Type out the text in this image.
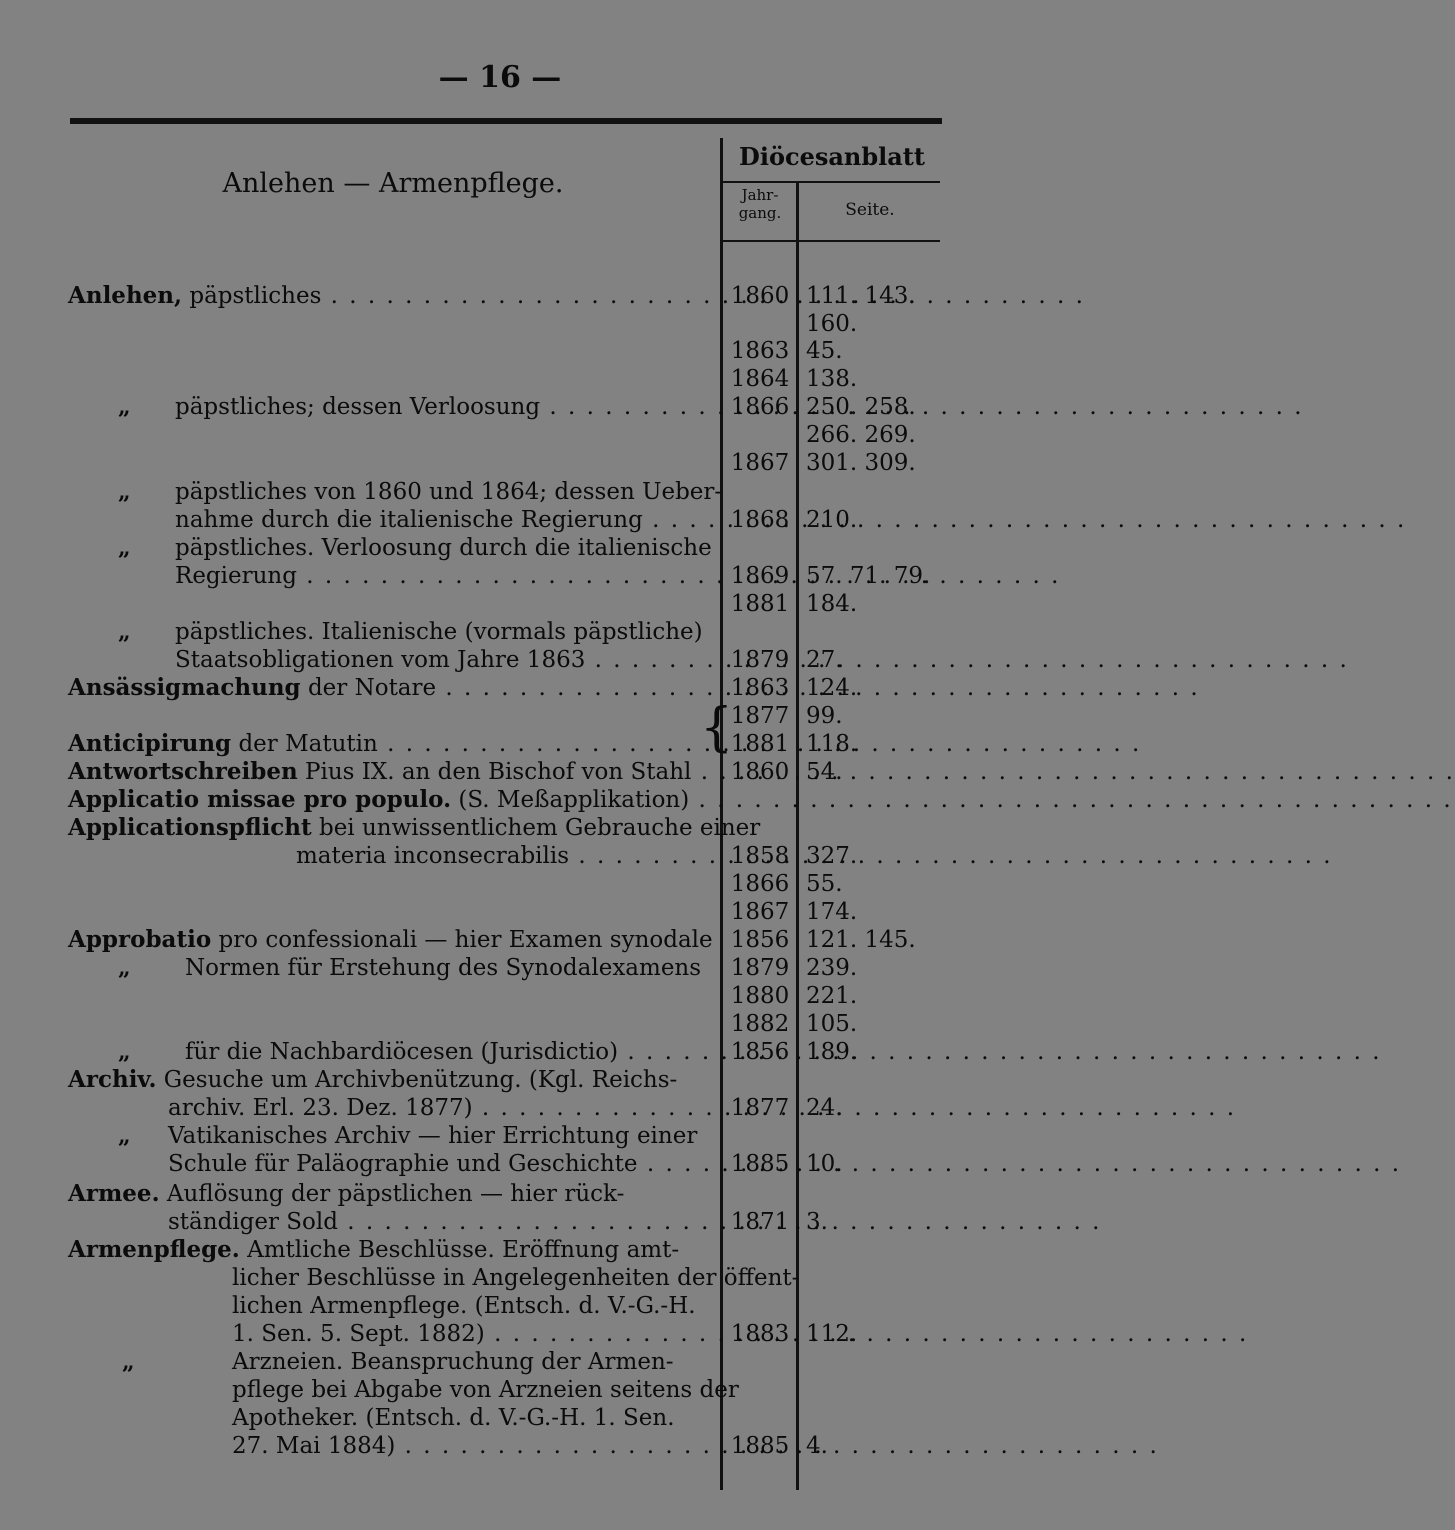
— 16 —
Anlehen — Armenpflege.
Diöcesanblatt
Jahr- gang.	Seite.
{
Anlehen, päpstliches . . .	1860 111. 143.
160.
1863 45.
1864 138.
„ päpstliches; dessen Verloosung . . .	1866 250. 258.
266. 269.
1867 301. 309.
„ päpstliches von 1860 und 1864; dessen Ueber-
nahme durch die italienische Regierung . . .	1868 210.
„ päpstliches. Verloosung durch die italienische
Regierung . . .	1869 57. 71. 79.
1881 184.
„ päpstliches. Italienische (vormals päpstliche)
Staatsobligationen vom Jahre 1863 . . .	1879 27.
Ansässigmachung der Notare . . .	1863 124.
1877 99.
Anticipirung der Matutin . . .	1881 118.
Antwortschreiben Pius IX. an den Bischof von Stahl . . .	1860 54.
Applicatio missae pro populo. (S. Meßapplikation) . . .
Applicationspflicht bei unwissentlichem Gebrauche einer
materia inconsecrabilis . . .	1858 327.
1866 55.
1867 174.
Approbatio pro confessionali — hier Examen synodale 1856 121. 145.
„ Normen für Erstehung des Synodalexamens	1879 239.
1880 221.
1882 105.
„ für die Nachbardiöcesen (Jurisdictio) . . .	1856 189.
Archiv. Gesuche um Archivbenützung. (Kgl. Reichs-
archiv. Erl. 23. Dez. 1877) . . .	1877 24.
„ Vatikanisches Archiv — hier Errichtung einer
Schule für Paläographie und Geschichte . . .	1885 10.
Armee. Auflösung der päpstlichen — hier rück-
ständiger Sold . . .	1871 3.
Armenpflege. Amtliche Beschlüsse. Eröffnung amt-
licher Beschlüsse in Angelegenheiten der öffent-
lichen Armenpflege. (Entsch. d. V.-G.-H.
1. Sen. 5. Sept. 1882) . . .	1883 112.
„	Arzneien. Beanspruchung der Armen-
pflege bei Abgabe von Arzneien seitens der
Apotheker. (Entsch. d. V.-G.-H. 1. Sen.
27. Mai 1884) . . .	1885 4.
